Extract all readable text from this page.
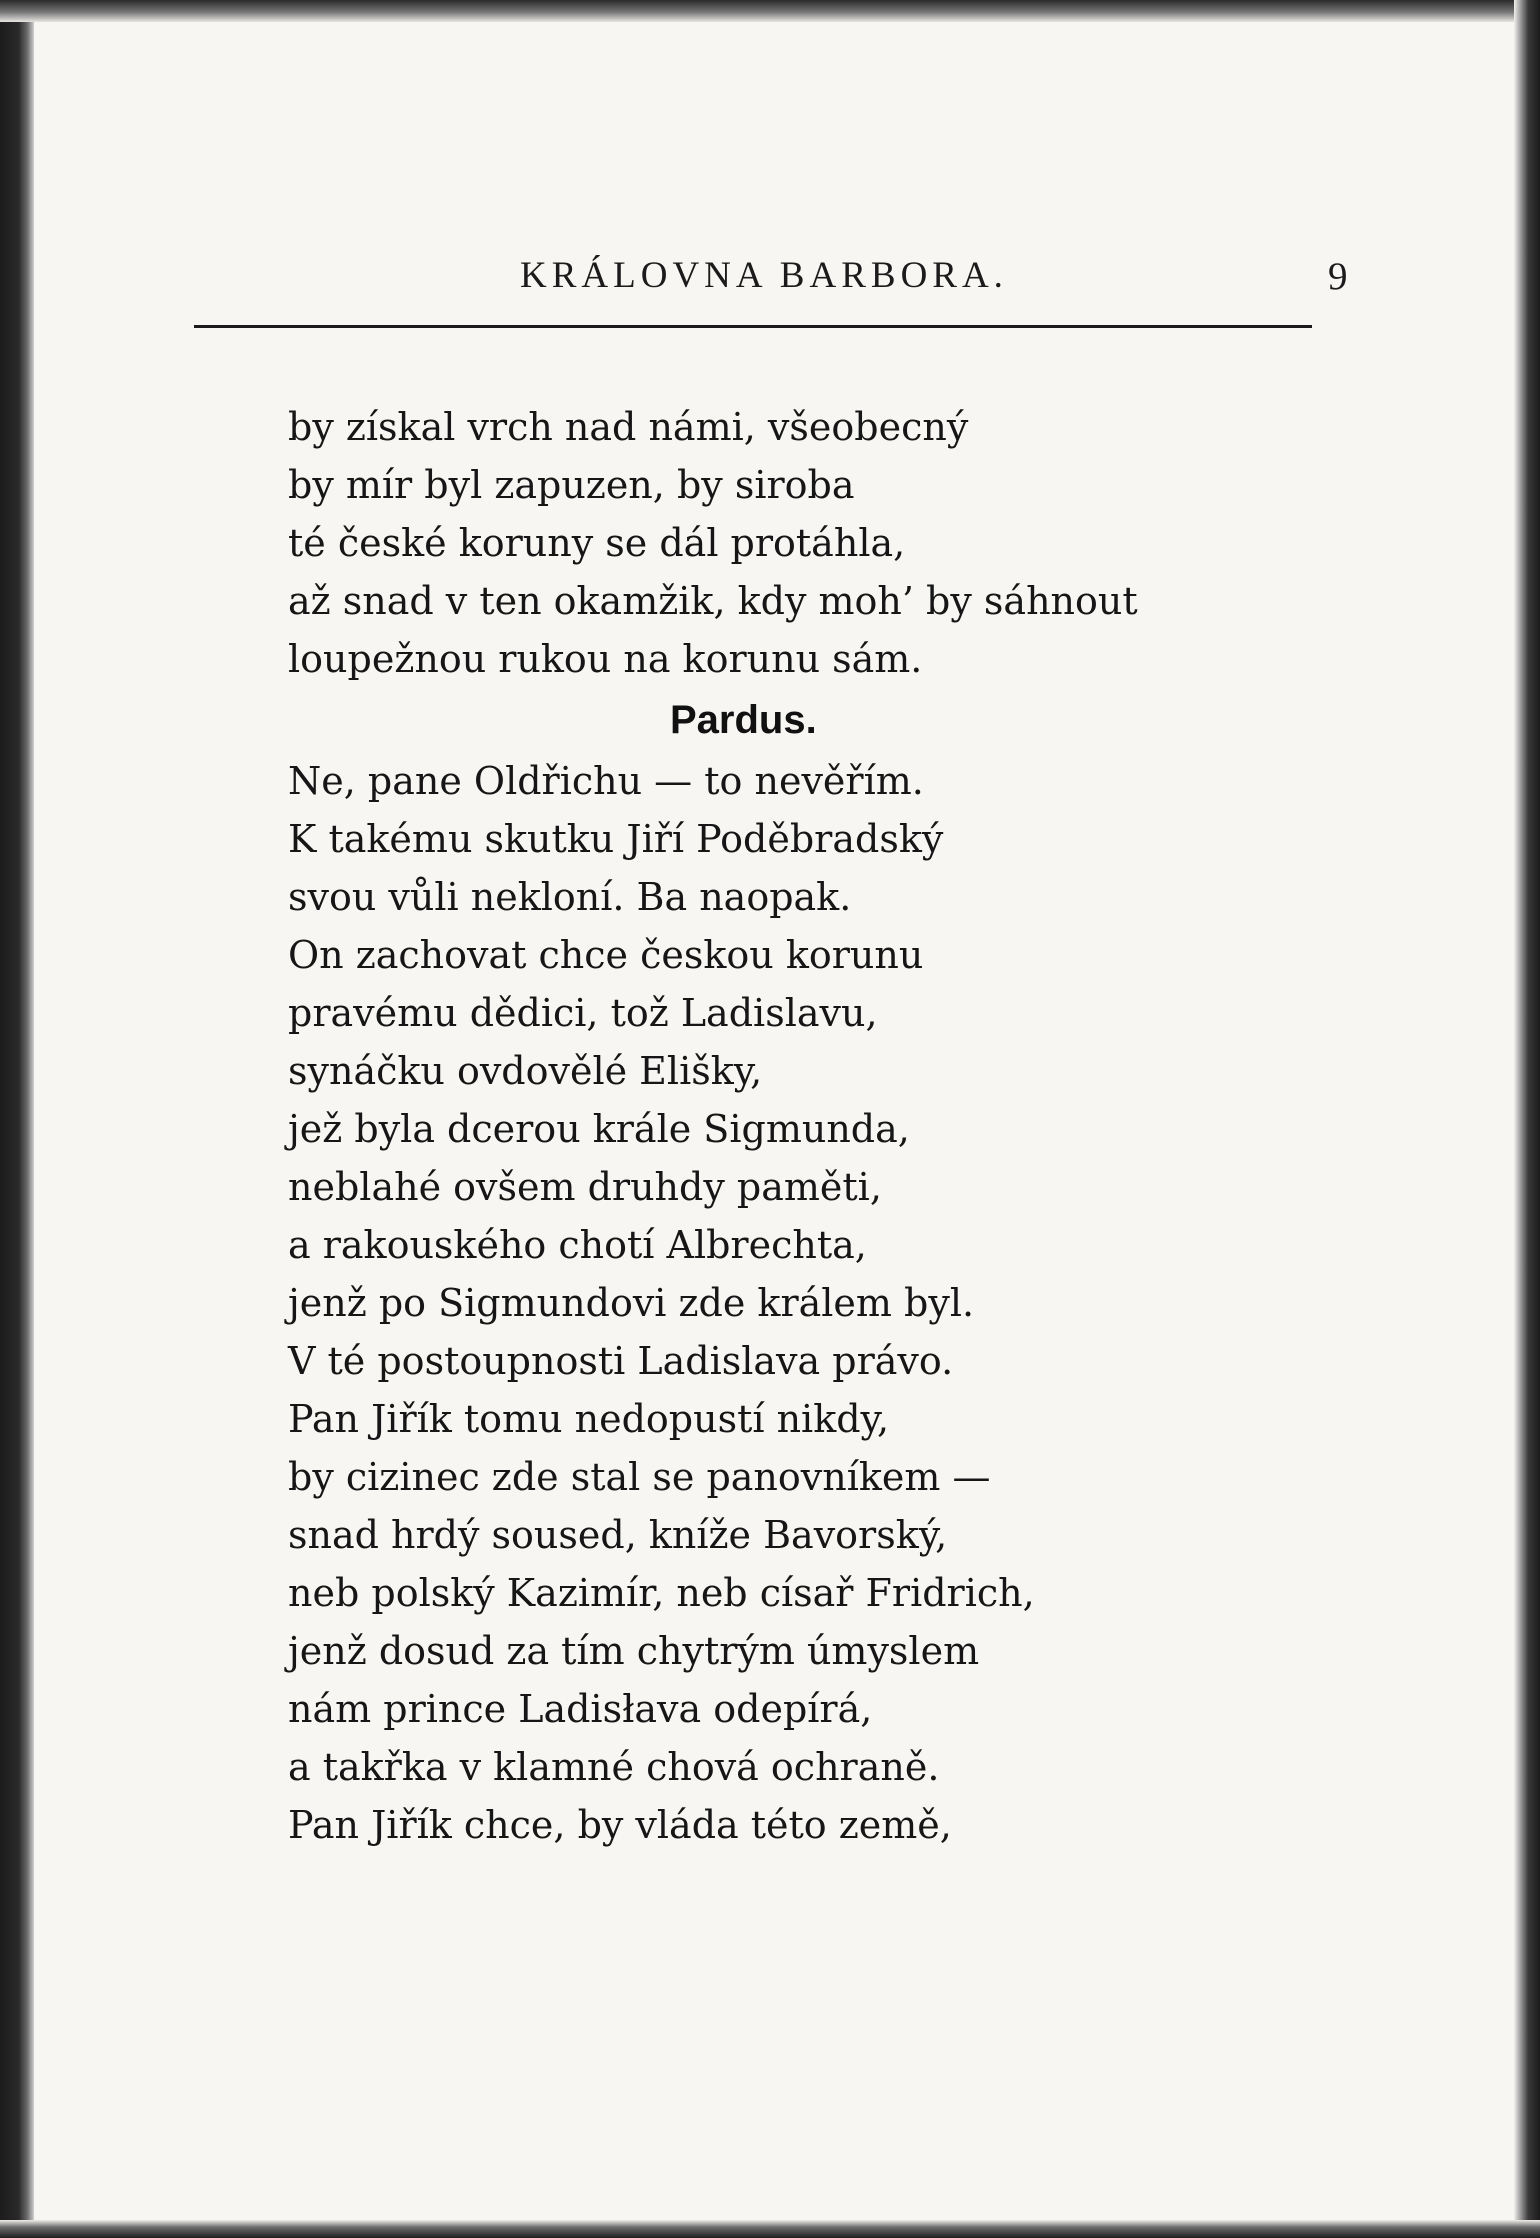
KRÁLOVNA BARBORA.	9
by získal vrch nad námi, všeobecný
by mír byl zapuzen, by siroba
té české koruny se dál protáhla,
až snad v ten okamžik, kdy moh’ by sáhnout
loupežnou rukou na korunu sám.
Pardus.
Ne, pane Oldřichu — to nevěřím.
K takému skutku Jiří Poděbradský
svou vůli nekloní. Ba naopak.
On zachovat chce českou korunu
pravému dědici, tož Ladislavu,
synáčku ovdovělé Elišky,
jež byla dcerou krále Sigmunda,
neblahé ovšem druhdy paměti,
a rakouského chotí Albrechta,
jenž po Sigmundovi zde králem byl.
V té postoupnosti Ladislava právo.
Pan Jiřík tomu nedopustí nikdy,
by cizinec zde stal se panovníkem —
snad hrdý soused, kníže Bavorský,
neb polský Kazimír, neb císař Fridrich,
jenž dosud za tím chytrým úmyslem
nám prince Ladisłava odepírá,
a takřka v klamné chová ochraně.
Pan Jiřík chce, by vláda této země,
